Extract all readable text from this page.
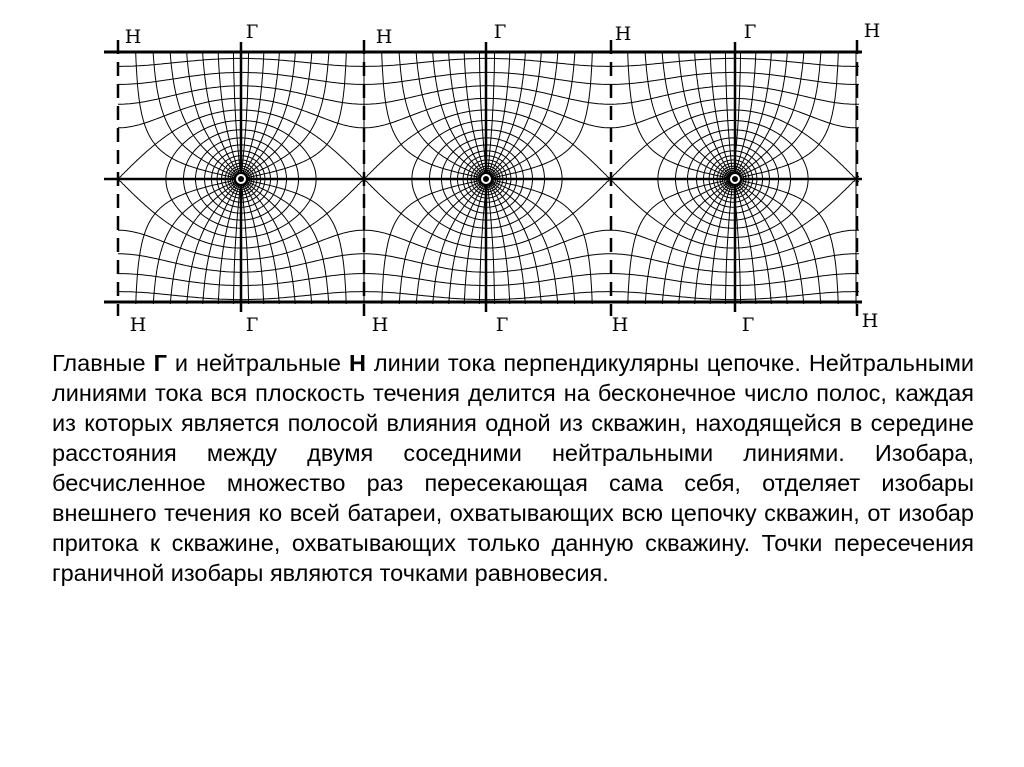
Н	Г	Н	Г	Н	Г	Н
Н	Г	Н	Г	Н	Г	Н

Главные Г и нейтральные Н линии тока перпендикулярны цепочке. Нейтральными линиями тока вся плоскость течения делится на бесконечное число полос, каждая из которых является полосой влияния одной из скважин, находящейся в середине расстояния между двумя соседними нейтральными линиями. Изобара, бесчисленное множество раз пересекающая сама себя, отделяет изобары внешнего течения ко всей батареи, охватывающих всю цепочку скважин, от изобар притока к скважине, охватывающих только данную скважину. Точки пересечения граничной изобары являются точками равновесия.
